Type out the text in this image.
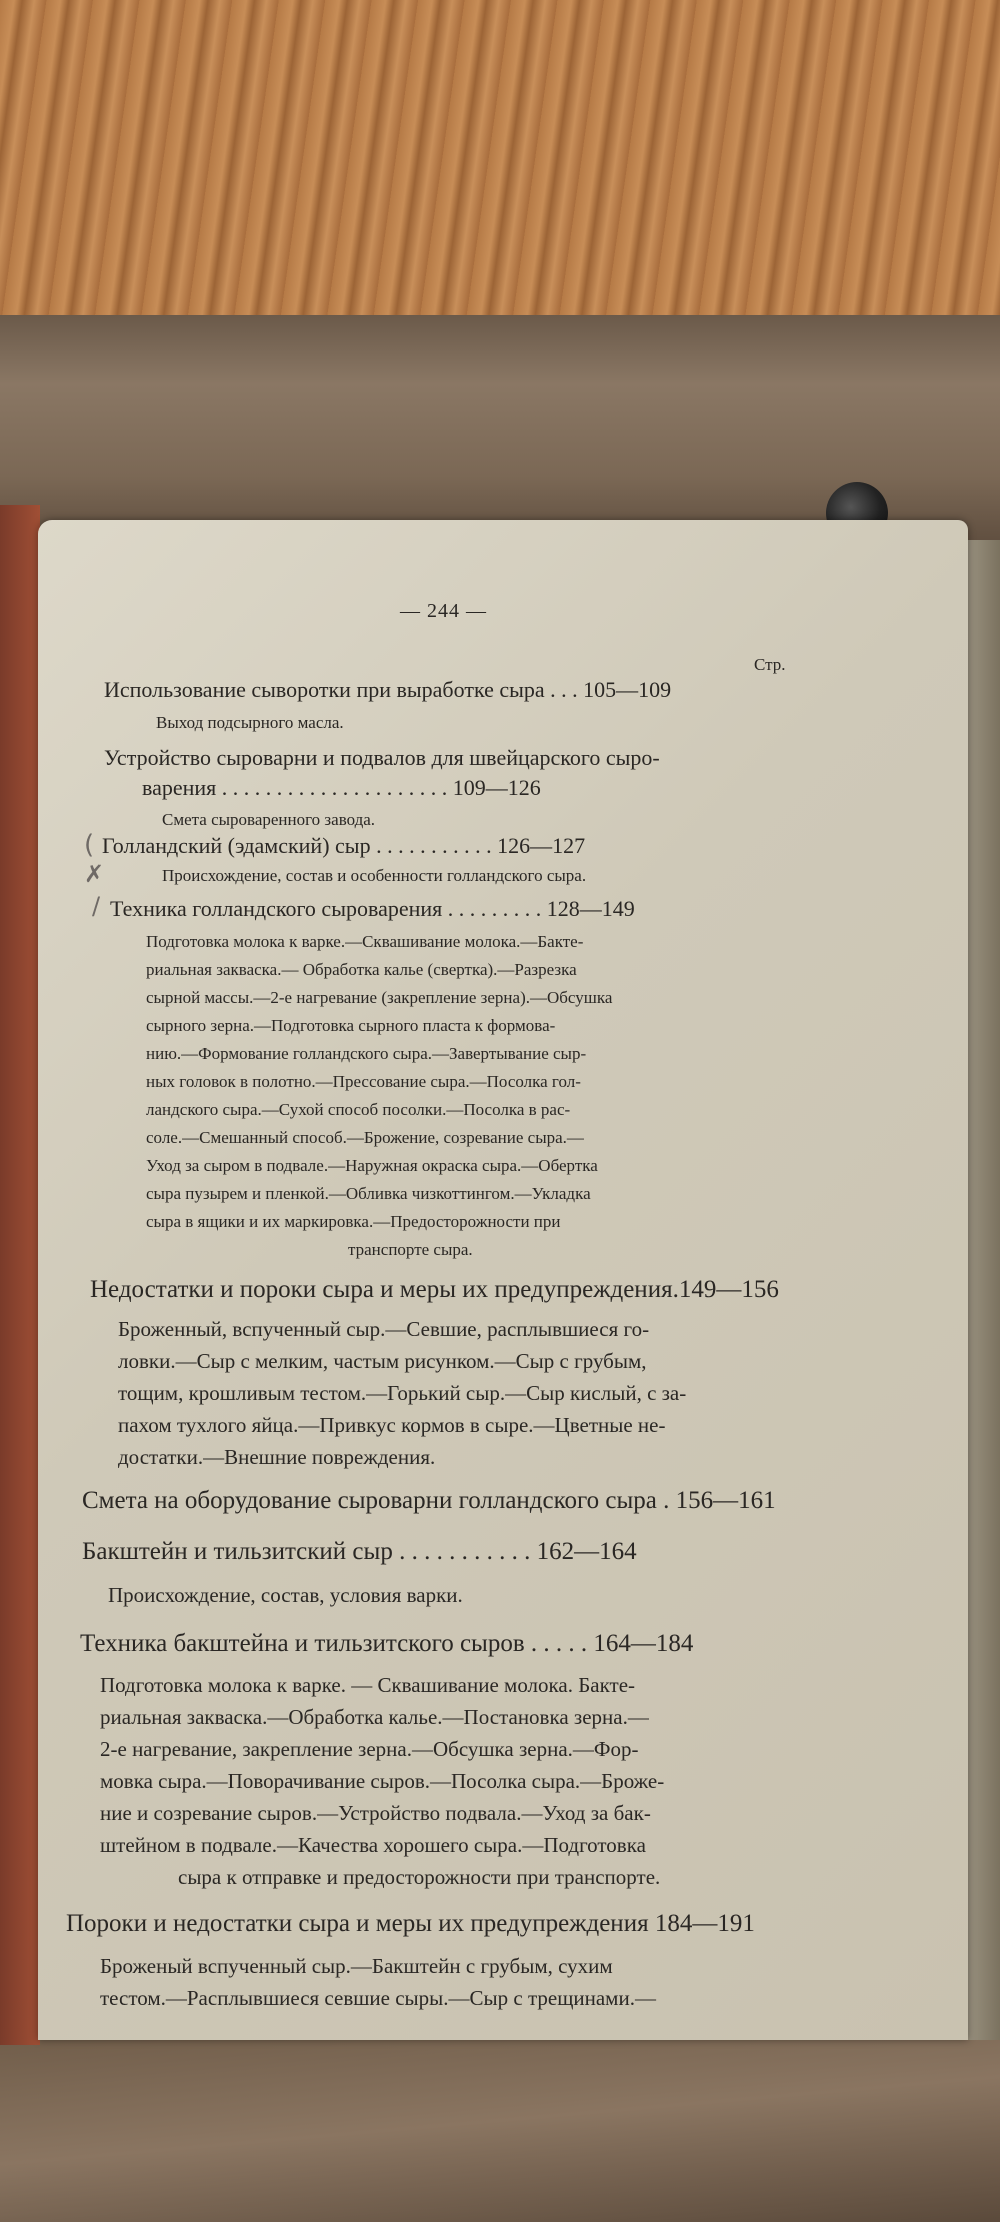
— 244 —
Стр.
Использование сыворотки при выработке сыра . . . 105—109
Выход подсырного масла.
Устройство сыроварни и подвалов для швейцарского сыро-
варения . . . . . . . . . . . . . . . . . . . . . 109—126
Смета сыроваренного завода.
( Голландский (эдамский) сыр . . . . . . . . . . . 126—127
✗	Происхождение, состав и особенности голландского сыра.
/ Техника голландского сыроварения . . . . . . . . . 128—149
Подготовка молока к варке.—Сквашивание молока.—Бакте-
риальная закваска.— Обработка калье (свертка).—Разрезка
сырной массы.—2-е нагревание (закрепление зерна).—Обсушка
сырного зерна.—Подготовка сырного пласта к формова-
нию.—Формование голландского сыра.—Завертывание сыр-
ных головок в полотно.—Прессование сыра.—Посолка гол-
ландского сыра.—Сухой способ посолки.—Посолка в рас-
соле.—Смешанный способ.—Брожение, созревание сыра.—
Уход за сыром в подвале.—Наружная окраска сыра.—Обертка
сыра пузырем и пленкой.—Обливка чизкоттингом.—Укладка
сыра в ящики и их маркировка.—Предосторожности при
транспорте сыра.
Недостатки и пороки сыра и меры их предупреждения.149—156
Броженный, вспученный сыр.—Севшие, расплывшиеся го-
ловки.—Сыр с мелким, частым рисунком.—Сыр с грубым,
тощим, крошливым тестом.—Горький сыр.—Сыр кислый, с за-
пахом тухлого яйца.—Привкус кормов в сыре.—Цветные не-
достатки.—Внешние повреждения.
Смета на оборудование сыроварни голландского сыра . 156—161
Бакштейн и тильзитский сыр . . . . . . . . . . . 162—164
Происхождение, состав, условия варки.
Техника бакштейна и тильзитского сыров . . . . . 164—184
Подготовка молока к варке. — Сквашивание молока. Бакте-
риальная закваска.—Обработка кальe.—Постановка зерна.—
2-е нагревание, закрепление зерна.—Обсушка зерна.—Фор-
мовка сыра.—Поворачивание сыров.—Посолка сыра.—Броже-
ние и созревание сыров.—Устройство подвала.—Уход за бак-
штейном в подвале.—Качества хорошего сыра.—Подготовка
сыра к отправке и предосторожности при транспорте.
Пороки и недостатки сыра и меры их предупреждения 184—191
Броженый вспученный сыр.—Бакштейн с грубым, сухим
тестом.—Расплывшиеся севшие сыры.—Сыр с трещинами.—
